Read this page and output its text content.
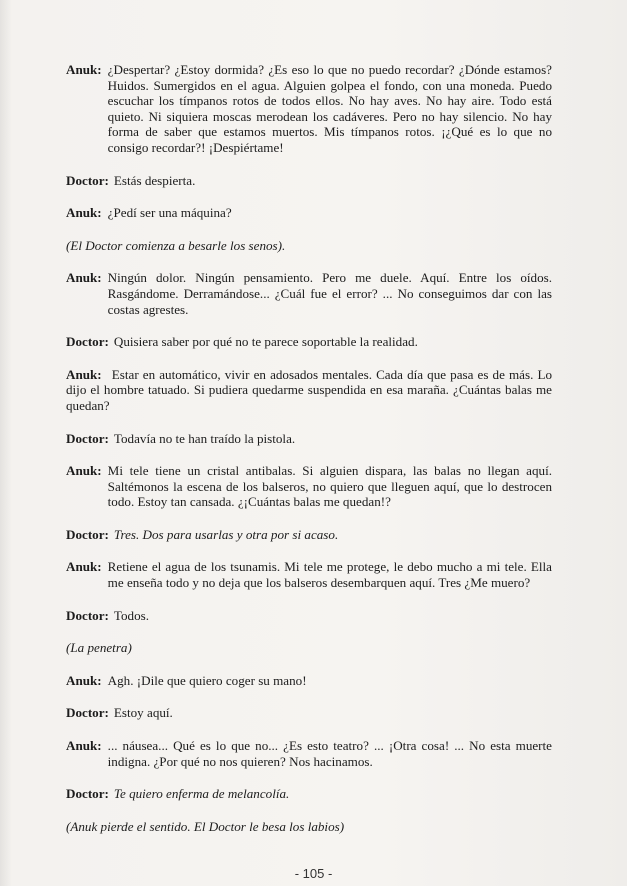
Anuk: ¿Despertar? ¿Estoy dormida? ¿Es eso lo que no puedo recordar? ¿Dónde estamos? Huidos. Sumergidos en el agua. Alguien golpea el fondo, con una moneda. Puedo escuchar los tímpanos rotos de todos ellos. No hay aves. No hay aire. Todo está quieto. Ni siquiera moscas merodean los cadáveres. Pero no hay silencio. No hay forma de saber que estamos muertos. Mis tímpanos rotos. ¡¿Qué es lo que no consigo recordar?! ¡Despiértame!
Doctor: Estás despierta.
Anuk: ¿Pedí ser una máquina?
(El Doctor comienza a besarle los senos).
Anuk: Ningún dolor. Ningún pensamiento. Pero me duele. Aquí. Entre los oídos. Rasgándome. Derramándose... ¿Cuál fue el error? ... No conseguimos dar con las costas agrestes.
Doctor: Quisiera saber por qué no te parece soportable la realidad.
Anuk: Estar en automático, vivir en adosados mentales. Cada día que pasa es de más. Lo dijo el hombre tatuado. Si pudiera quedarme suspendida en esa maraña. ¿Cuántas balas me quedan?
Doctor: Todavía no te han traído la pistola.
Anuk: Mi tele tiene un cristal antibalas. Si alguien dispara, las balas no llegan aquí. Saltémonos la escena de los balseros, no quiero que lleguen aquí, que lo destrocen todo. Estoy tan cansada. ¿¡Cuántas balas me quedan!?
Doctor: Tres. Dos para usarlas y otra por si acaso.
Anuk: Retiene el agua de los tsunamis. Mi tele me protege, le debo mucho a mi tele. Ella me enseña todo y no deja que los balseros desembarquen aquí. Tres ¿Me muero?
Doctor: Todos.
(La penetra)
Anuk: Agh. ¡Dile que quiero coger su mano!
Doctor: Estoy aquí.
Anuk: ... náusea... Qué es lo que no... ¿Es esto teatro? ... ¡Otra cosa! ... No esta muerte indigna. ¿Por qué no nos quieren? Nos hacinamos.
Doctor: Te quiero enferma de melancolía.
(Anuk pierde el sentido. El Doctor le besa los labios)
- 105 -
